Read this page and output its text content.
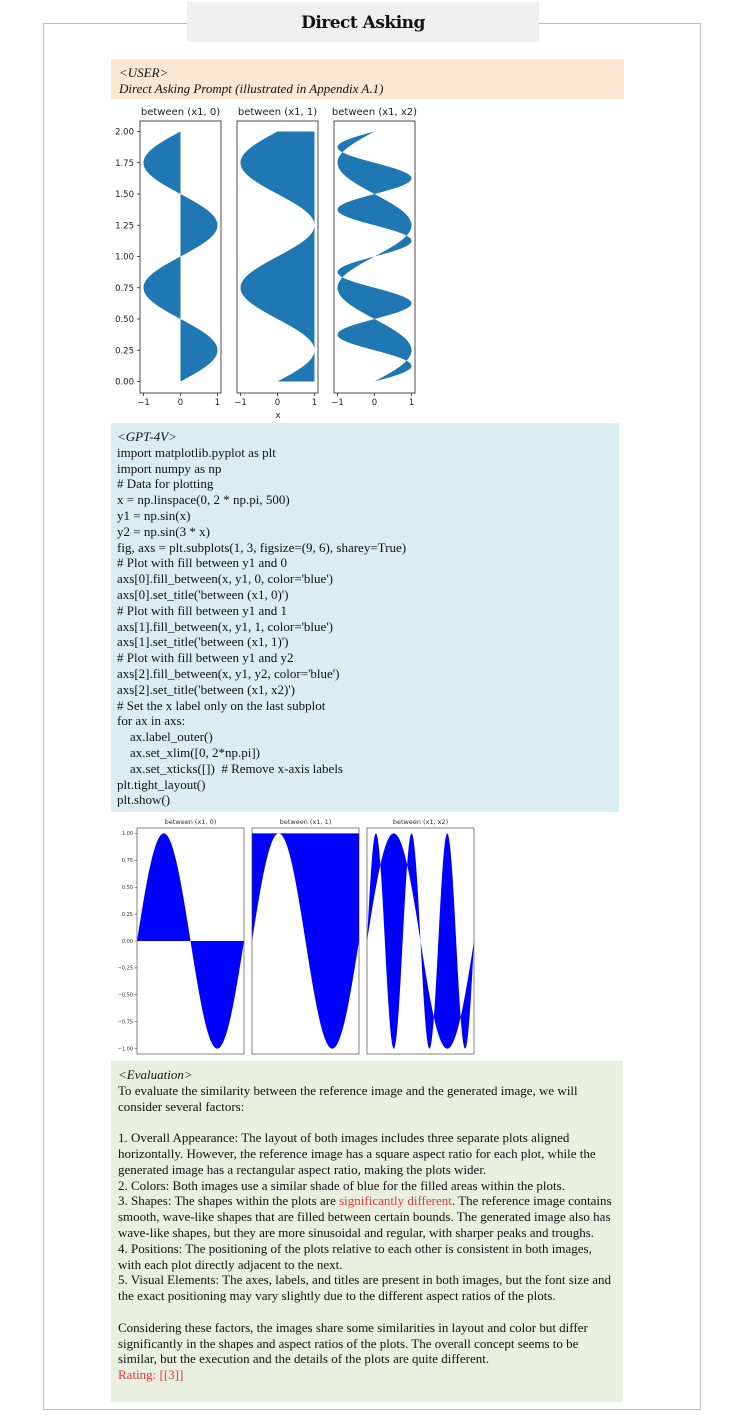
Direct Asking
<USER>
Direct Asking Prompt (illustrated in Appendix A.1)
between (x1, 0)
−1	0	1
between (x1, 1)
−1	0	1
between (x1, x2)
−1	0	1
0.00
0.25
0.50
0.75
1.00
1.25
1.50
1.75
2.00
x
between (x1, 0)	between (x1, 1)	between (x1, x2)
1.00
0.75
0.50
0.25
0.00
−0.25
−0.50
−0.75
−1.00
<GPT-4V>
import matplotlib.pyplot as plt
import numpy as np
# Data for plotting
x = np.linspace(0, 2 * np.pi, 500)
y1 = np.sin(x)
y2 = np.sin(3 * x)
fig, axs = plt.subplots(1, 3, figsize=(9, 6), sharey=True)
# Plot with fill between y1 and 0
axs[0].fill_between(x, y1, 0, color='blue')
axs[0].set_title('between (x1, 0)')
# Plot with fill between y1 and 1
axs[1].fill_between(x, y1, 1, color='blue')
axs[1].set_title('between (x1, 1)')
# Plot with fill between y1 and y2
axs[2].fill_between(x, y1, y2, color='blue')
axs[2].set_title('between (x1, x2)')
# Set the x label only on the last subplot
for ax in axs:
ax.label_outer()
ax.set_xlim([0, 2*np.pi])
ax.set_xticks([])  # Remove x-axis labels
plt.tight_layout()
plt.show()

<Evaluation>

To evaluate the similarity between the reference image and the generated image, we will consider several factors:

1. Overall Appearance: The layout of both images includes three separate plots aligned horizontally. However, the reference image has a square aspect ratio for each plot, while the generated image has a rectangular aspect ratio, making the plots wider.

2. Colors: Both images use a similar shade of blue for the filled areas within the plots.

3. Shapes: The shapes within the plots are significantly different. The reference image contains smooth, wave-like shapes that are filled between certain bounds. The generated image also has wave-like shapes, but they are more sinusoidal and regular, with sharper peaks and troughs.

4. Positions: The positioning of the plots relative to each other is consistent in both images, with each plot directly adjacent to the next.

5. Visual Elements: The axes, labels, and titles are present in both images, but the font size and the exact positioning may vary slightly due to the different aspect ratios of the plots.

Considering these factors, the images share some similarities in layout and color but differ significantly in the shapes and aspect ratios of the plots. The overall concept seems to be similar, but the execution and the details of the plots are quite different.

Rating: [[3]]
